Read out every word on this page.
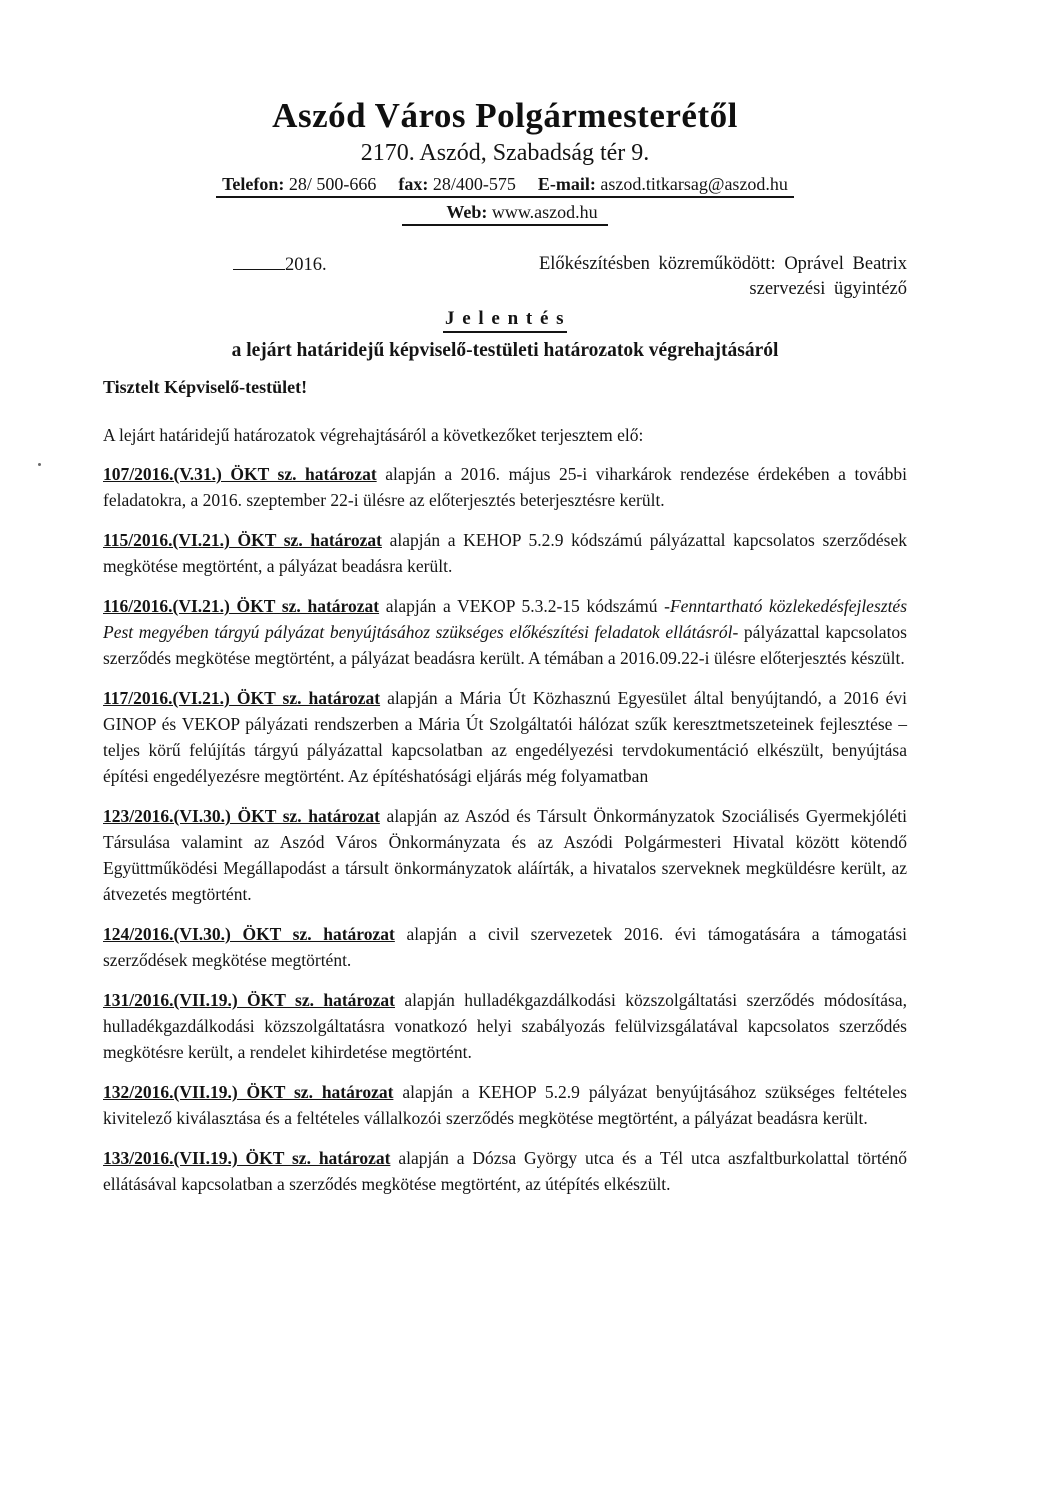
Aszód Város Polgármesterétől
2170. Aszód, Szabadság tér 9.
Telefon: 28/ 500-666 fax: 28/400-575 E-mail: aszod.titkarsag@aszod.hu
Web: www.aszod.hu
2016.	Előkészítésben közreműködött: Oprável Beatrix
szervezési ügyintéző
J e l e n t é s
a lejárt határidejű képviselő-testületi határozatok végrehajtásáról

Tisztelt Képviselő-testület!

A lejárt határidejű határozatok végrehajtásáról a következőket terjesztem elő:

107/2016.(V.31.) ÖKT sz. határozat alapján a 2016. május 25-i viharkárok rendezése érdekében a további feladatokra, a 2016. szeptember 22-i ülésre az előterjesztés beterjesztésre került.

115/2016.(VI.21.) ÖKT sz. határozat alapján a KEHOP 5.2.9 kódszámú pályázattal kapcsolatos szerződések megkötése megtörtént, a pályázat beadásra került.

116/2016.(VI.21.) ÖKT sz. határozat alapján a VEKOP 5.3.2-15 kódszámú -Fenntartható közlekedésfejlesztés Pest megyében tárgyú pályázat benyújtásához szükséges előkészítési feladatok ellátásról- pályázattal kapcsolatos szerződés megkötése megtörtént, a pályázat beadásra került. A témában a 2016.09.22-i ülésre előterjesztés készült.

117/2016.(VI.21.) ÖKT sz. határozat alapján a Mária Út Közhasznú Egyesület által benyújtandó, a 2016 évi GINOP és VEKOP pályázati rendszerben a Mária Út Szolgáltatói hálózat szűk keresztmetszeteinek fejlesztése – teljes körű felújítás tárgyú pályázattal kapcsolatban az engedélyezési tervdokumentáció elkészült, benyújtása építési engedélyezésre megtörtént. Az építéshatósági eljárás még folyamatban

123/2016.(VI.30.) ÖKT sz. határozat alapján az Aszód és Társult Önkormányzatok Szociálisés Gyermekjóléti Társulása valamint az Aszód Város Önkormányzata és az Aszódi Polgármesteri Hivatal között kötendő Együttműködési Megállapodást a társult önkormányzatok aláírták, a hivatalos szerveknek megküldésre került, az átvezetés megtörtént.

124/2016.(VI.30.) ÖKT sz. határozat alapján a civil szervezetek 2016. évi támogatására a támogatási szerződések megkötése megtörtént.

131/2016.(VII.19.) ÖKT sz. határozat alapján hulladékgazdálkodási közszolgáltatási szerződés módosítása, hulladékgazdálkodási közszolgáltatásra vonatkozó helyi szabályozás felülvizsgálatával kapcsolatos szerződés megkötésre került, a rendelet kihirdetése megtörtént.

132/2016.(VII.19.) ÖKT sz. határozat alapján a KEHOP 5.2.9 pályázat benyújtásához szükséges feltételes kivitelező kiválasztása és a feltételes vállalkozói szerződés megkötése megtörtént, a pályázat beadásra került.

133/2016.(VII.19.) ÖKT sz. határozat alapján a Dózsa György utca és a Tél utca aszfaltburkolattal történő ellátásával kapcsolatban a szerződés megkötése megtörtént, az útépítés elkészült.
